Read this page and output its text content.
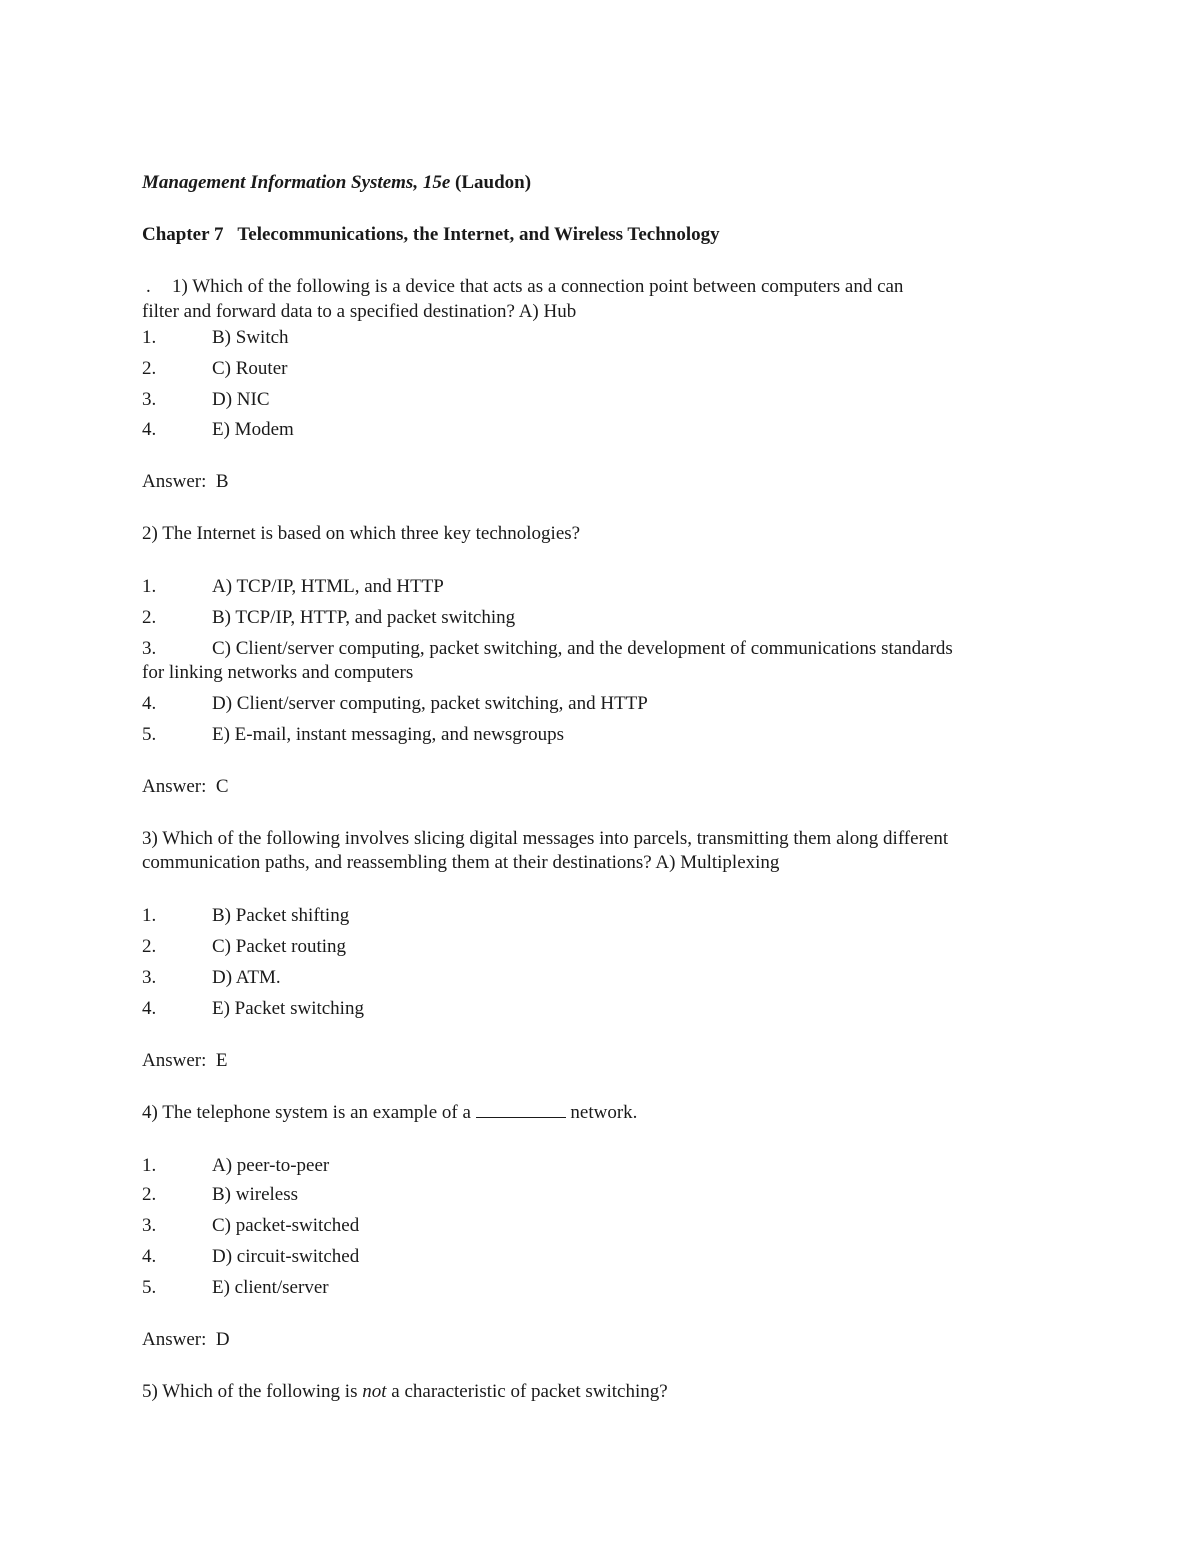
Management Information Systems, 15e (Laudon)
Chapter 7   Telecommunications, the Internet, and Wireless Technology
. 1) Which of the following is a device that acts as a connection point between computers and can
filter and forward data to a specified destination? A) Hub
1.	B) Switch
2.	C) Router
3.	D) NIC
4.	E) Modem
Answer:  B
2) The Internet is based on which three key technologies?
1.	A) TCP/IP, HTML, and HTTP
2.	B) TCP/IP, HTTP, and packet switching
3.	C) Client/server computing, packet switching, and the development of communications standards
for linking networks and computers
4.	D) Client/server computing, packet switching, and HTTP
5.	E) E-mail, instant messaging, and newsgroups
Answer:  C
3) Which of the following involves slicing digital messages into parcels, transmitting them along different
communication paths, and reassembling them at their destinations? A) Multiplexing
1.	B) Packet shifting
2.	C) Packet routing
3.	D) ATM.
4.	E) Packet switching
Answer:  E
4) The telephone system is an example of a	network.
1.	A) peer-to-peer
2.	B) wireless
3.	C) packet-switched
4.	D) circuit-switched
5.	E) client/server
Answer:  D
5) Which of the following is not a characteristic of packet switching?
